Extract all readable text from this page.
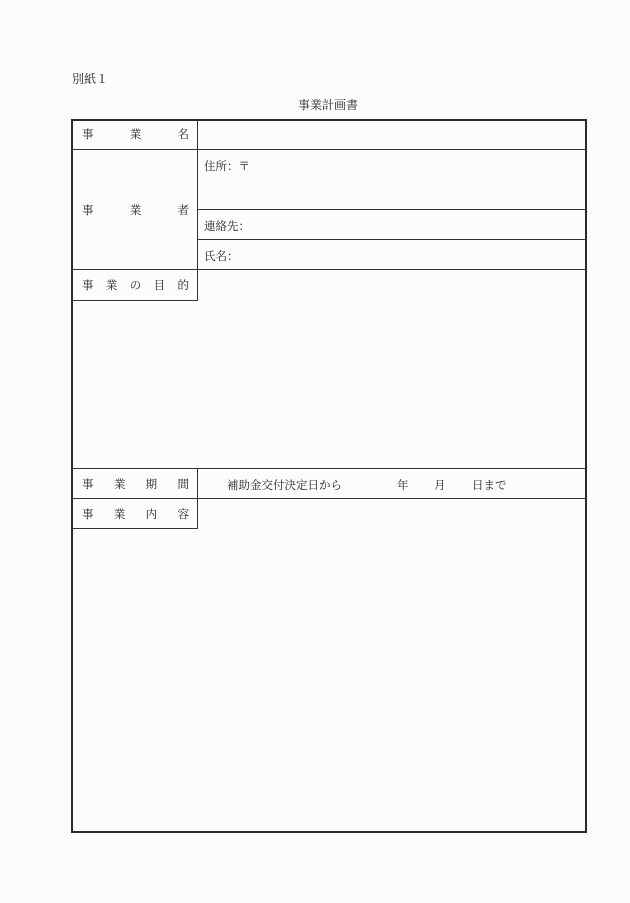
別紙１
事業計画書
事	業	名
事	業	者
住所：〒
連絡先：
氏名：
事 業 の 目 的
事 業 期 間	補助金交付決定日から	年 月 日まで
事 業 内 容
